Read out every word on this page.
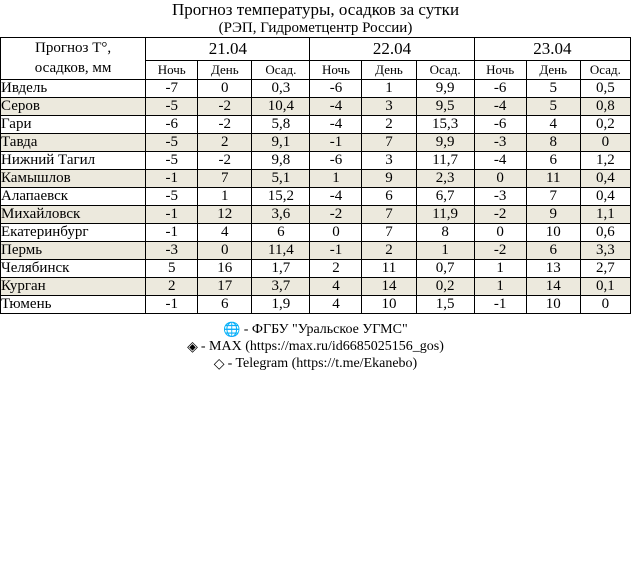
Прогноз температуры, осадков за сутки									
(РЭП, Гидрометцентр России)									

Прогноз Т°,
осадков, мм	21.04			22.04			23.04		
	Ночь	День	Осад.	Ночь	День	Осад.	Ночь	День	Осад.
Ивдель	-7	0	0,3	-6	1	9,9	-6	5	0,5
Серов	-5	-2	10,4	-4	3	9,5	-4	5	0,8
Гари	-6	-2	5,8	-4	2	15,3	-6	4	0,2
Тавда	-5	2	9,1	-1	7	9,9	-3	8	0
Нижний Тагил	-5	-2	9,8	-6	3	11,7	-4	6	1,2
Камышлов	-1	7	5,1	1	9	2,3	0	11	0,4
Алапаевск	-5	1	15,2	-4	6	6,7	-3	7	0,4
Михайловск	-1	12	3,6	-2	7	11,9	-2	9	1,1
Екатеринбург	-1	4	6	0	7	8	0	10	0,6
Пермь	-3	0	11,4	-1	2	1	-2	6	3,3
Челябинск	5	16	1,7	2	11	0,7	1	13	2,7
Курган	2	17	3,7	4	14	0,2	1	14	0,1
Тюмень	-1	6	1,9	4	10	1,5	-1	10	0

🌐 - ФГБУ "Уральское УГМС"									
◈ - MAX (https://max.ru/id6685025156_gos)									
◇ - Telegram (https://t.me/Ekanebo)									
